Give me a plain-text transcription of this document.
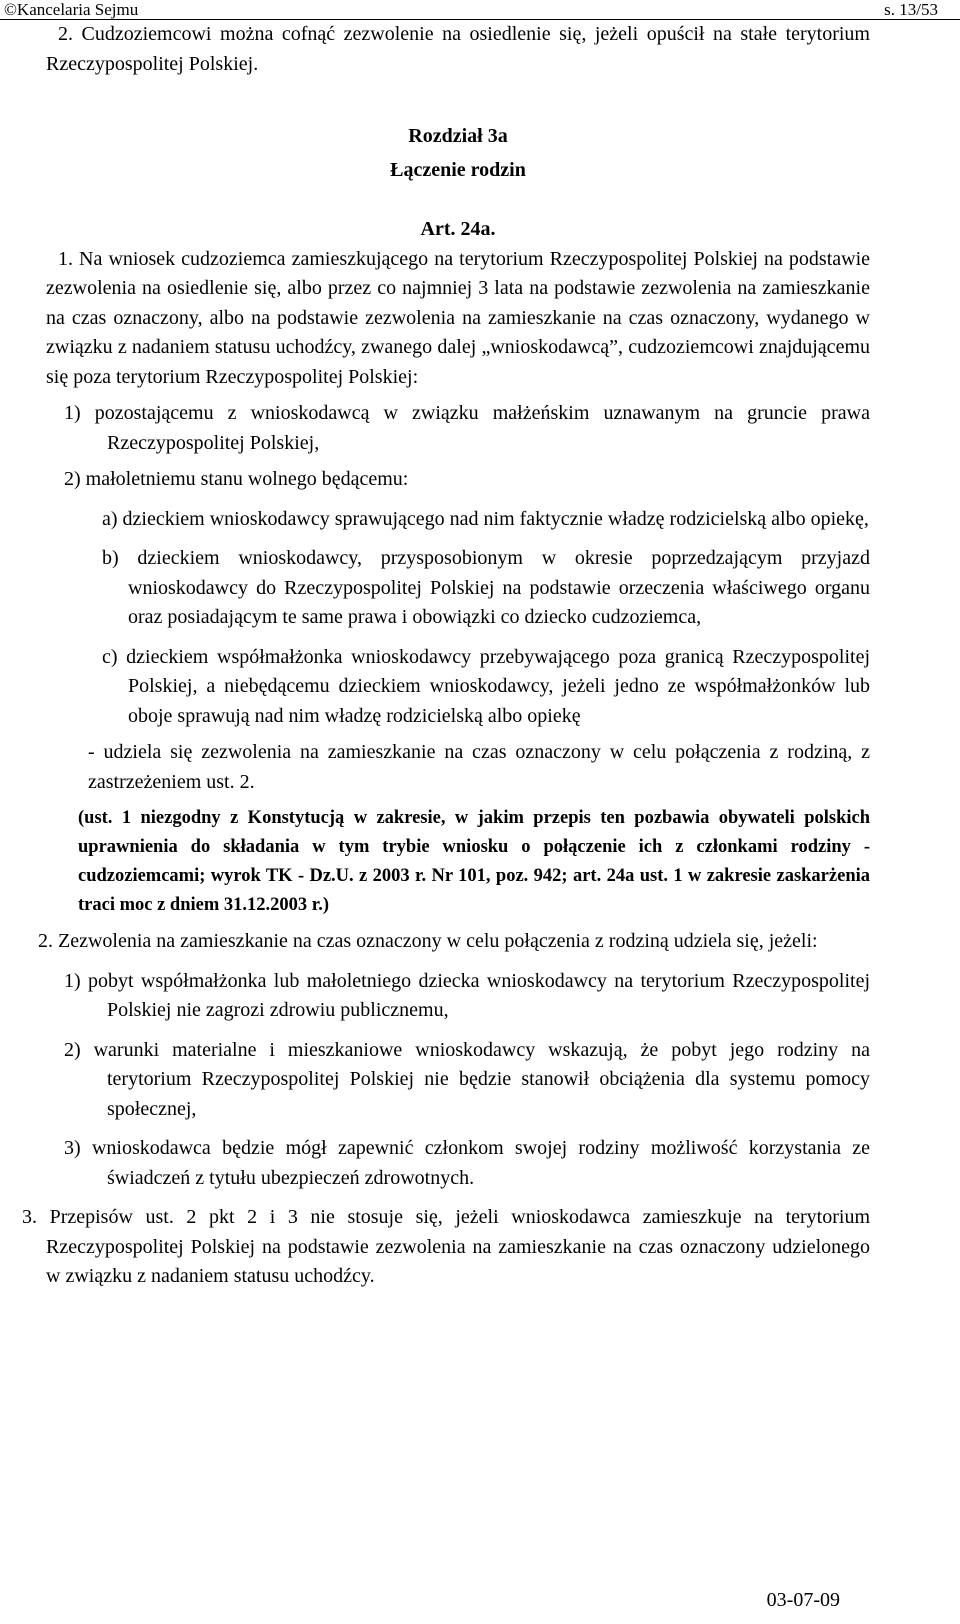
©Kancelaria Sejmu	s. 13/53

2. Cudzoziemcowi można cofnąć zezwolenie na osiedlenie się, jeżeli opuścił na stałe terytorium Rzeczypospolitej Polskiej.

Rozdział 3a

Łączenie rodzin

Art. 24a.

1. Na wniosek cudzoziemca zamieszkującego na terytorium Rzeczypospolitej Polskiej na podstawie zezwolenia na osiedlenie się, albo przez co najmniej 3 lata na podstawie zezwolenia na zamieszkanie na czas oznaczony, albo na podstawie zezwolenia na zamieszkanie na czas oznaczony, wydanego w związku z nadaniem statusu uchodźcy, zwanego dalej „wnioskodawcą”, cudzoziemcowi znajdującemu się poza terytorium Rzeczypospolitej Polskiej:

1) pozostającemu z wnioskodawcą w związku małżeńskim uznawanym na gruncie prawa Rzeczypospolitej Polskiej,

2) małoletniemu stanu wolnego będącemu:

a) dzieckiem wnioskodawcy sprawującego nad nim faktycznie władzę rodzicielską albo opiekę,

b) dzieckiem wnioskodawcy, przysposobionym w okresie poprzedzającym przyjazd wnioskodawcy do Rzeczypospolitej Polskiej na podstawie orzeczenia właściwego organu oraz posiadającym te same prawa i obowiązki co dziecko cudzoziemca,

c) dzieckiem współmałżonka wnioskodawcy przebywającego poza granicą Rzeczypospolitej Polskiej, a niebędącemu dzieckiem wnioskodawcy, jeżeli jedno ze współmałżonków lub oboje sprawują nad nim władzę rodzicielską albo opiekę

- udziela się zezwolenia na zamieszkanie na czas oznaczony w celu połączenia z rodziną, z zastrzeżeniem ust. 2.

(ust. 1 niezgodny z Konstytucją w zakresie, w jakim przepis ten pozbawia obywateli polskich uprawnienia do składania w tym trybie wniosku o połączenie ich z członkami rodziny - cudzoziemcami; wyrok TK - Dz.U. z 2003 r. Nr 101, poz. 942; art. 24a ust. 1 w zakresie zaskarżenia traci moc z dniem 31.12.2003 r.)

2. Zezwolenia na zamieszkanie na czas oznaczony w celu połączenia z rodziną udziela się, jeżeli:

1) pobyt współmałżonka lub małoletniego dziecka wnioskodawcy na terytorium Rzeczypospolitej Polskiej nie zagrozi zdrowiu publicznemu,

2) warunki materialne i mieszkaniowe wnioskodawcy wskazują, że pobyt jego rodziny na terytorium Rzeczypospolitej Polskiej nie będzie stanowił obciążenia dla systemu pomocy społecznej,

3) wnioskodawca będzie mógł zapewnić członkom swojej rodziny możliwość korzystania ze świadczeń z tytułu ubezpieczeń zdrowotnych.

3. Przepisów ust. 2 pkt 2 i 3 nie stosuje się, jeżeli wnioskodawca zamieszkuje na terytorium Rzeczypospolitej Polskiej na podstawie zezwolenia na zamieszkanie na czas oznaczony udzielonego w związku z nadaniem statusu uchodźcy.

03-07-09
